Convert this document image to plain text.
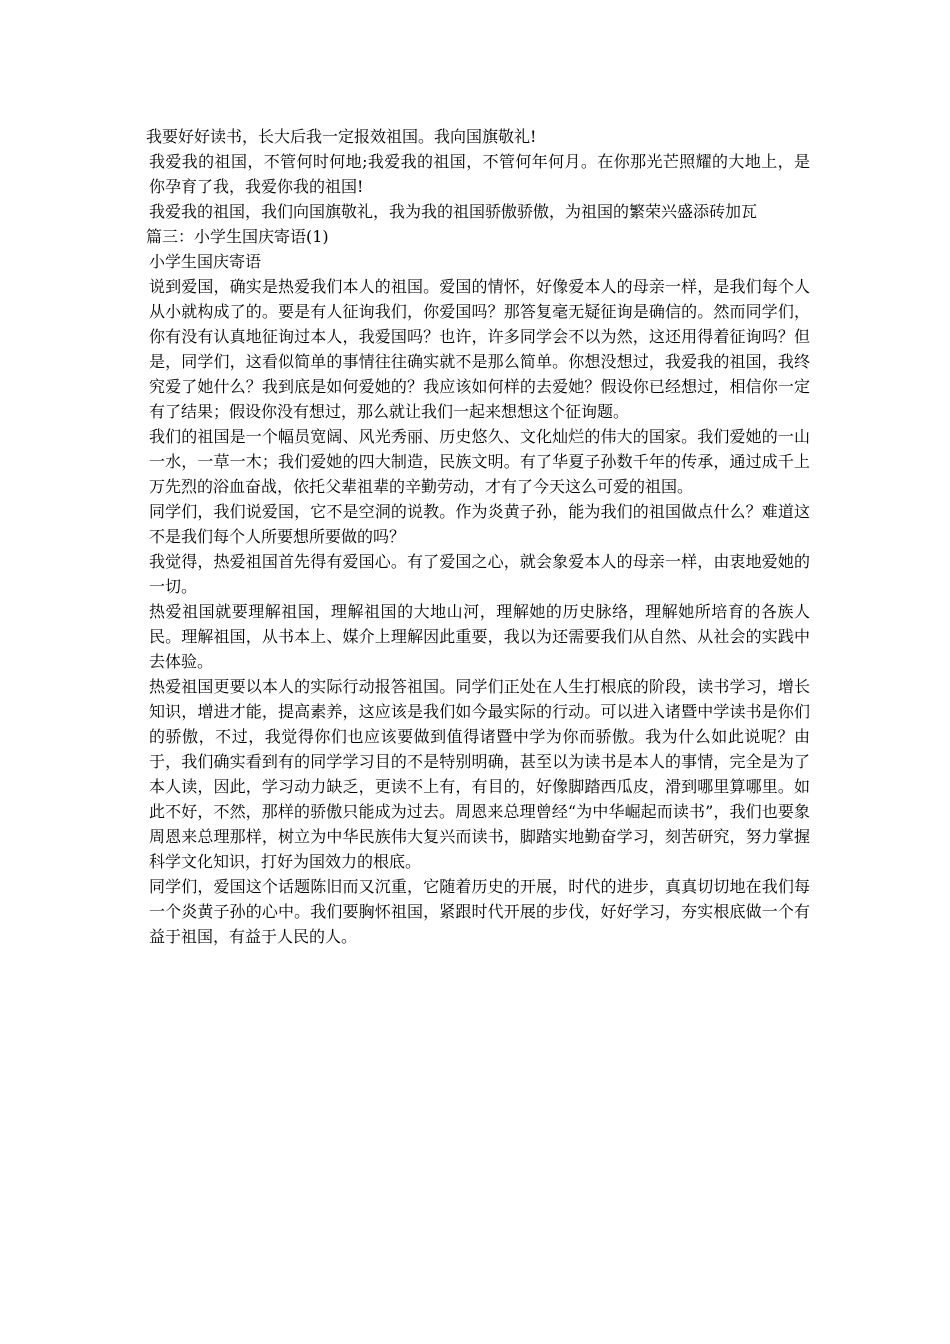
我要好好读书，长大后我一定报效祖国。我向国旗敬礼!

我爱我的祖国，不管何时何地;我爱我的祖国，不管何年何月。在你那光芒照耀的大地上，是你孕育了我，我爱你我的祖国!

我爱我的祖国，我们向国旗敬礼，我为我的祖国骄傲骄傲，为祖国的繁荣兴盛添砖加瓦

篇三：小学生国庆寄语(1)

小学生国庆寄语

说到爱国，确实是热爱我们本人的祖国。爱国的情怀，好像爱本人的母亲一样，是我们每个人从小就构成了的。要是有人征询我们，你爱国吗？那答复毫无疑征询是确信的。然而同学们，你有没有认真地征询过本人，我爱国吗？也许，许多同学会不以为然，这还用得着征询吗？但是，同学们，这看似简单的事情往往确实就不是那么简单。你想没想过，我爱我的祖国，我终究爱了她什么？我到底是如何爱她的？我应该如何样的去爱她？假设你已经想过，相信你一定有了结果；假设你没有想过，那么就让我们一起来想想这个征询题。

我们的祖国是一个幅员宽阔、风光秀丽、历史悠久、文化灿烂的伟大的国家。我们爱她的一山一水，一草一木；我们爱她的四大制造，民族文明。有了华夏子孙数千年的传承，通过成千上万先烈的浴血奋战，依托父辈祖辈的辛勤劳动，才有了今天这么可爱的祖国。

同学们，我们说爱国，它不是空洞的说教。作为炎黄子孙，能为我们的祖国做点什么？难道这不是我们每个人所要想所要做的吗？

我觉得，热爱祖国首先得有爱国心。有了爱国之心，就会象爱本人的母亲一样，由衷地爱她的一切。

热爱祖国就要理解祖国，理解祖国的大地山河，理解她的历史脉络，理解她所培育的各族人民。理解祖国，从书本上、媒介上理解因此重要，我以为还需要我们从自然、从社会的实践中去体验。

热爱祖国更要以本人的实际行动报答祖国。同学们正处在人生打根底的阶段，读书学习，增长知识，增进才能，提高素养，这应该是我们如今最实际的行动。可以进入诸暨中学读书是你们的骄傲，不过，我觉得你们也应该要做到值得诸暨中学为你而骄傲。我为什么如此说呢？由于，我们确实看到有的同学学习目的不是特别明确，甚至以为读书是本人的事情，完全是为了本人读，因此，学习动力缺乏，更读不上有，有目的，好像脚踏西瓜皮，滑到哪里算哪里。如此不好，不然，那样的骄傲只能成为过去。周恩来总理曾经“为中华崛起而读书”，我们也要象周恩来总理那样，树立为中华民族伟大复兴而读书，脚踏实地勤奋学习，刻苦研究，努力掌握科学文化知识，打好为国效力的根底。

同学们，爱国这个话题陈旧而又沉重，它随着历史的开展，时代的进步，真真切切地在我们每一个炎黄子孙的心中。我们要胸怀祖国，紧跟时代开展的步伐，好好学习，夯实根底做一个有益于祖国，有益于人民的人。
